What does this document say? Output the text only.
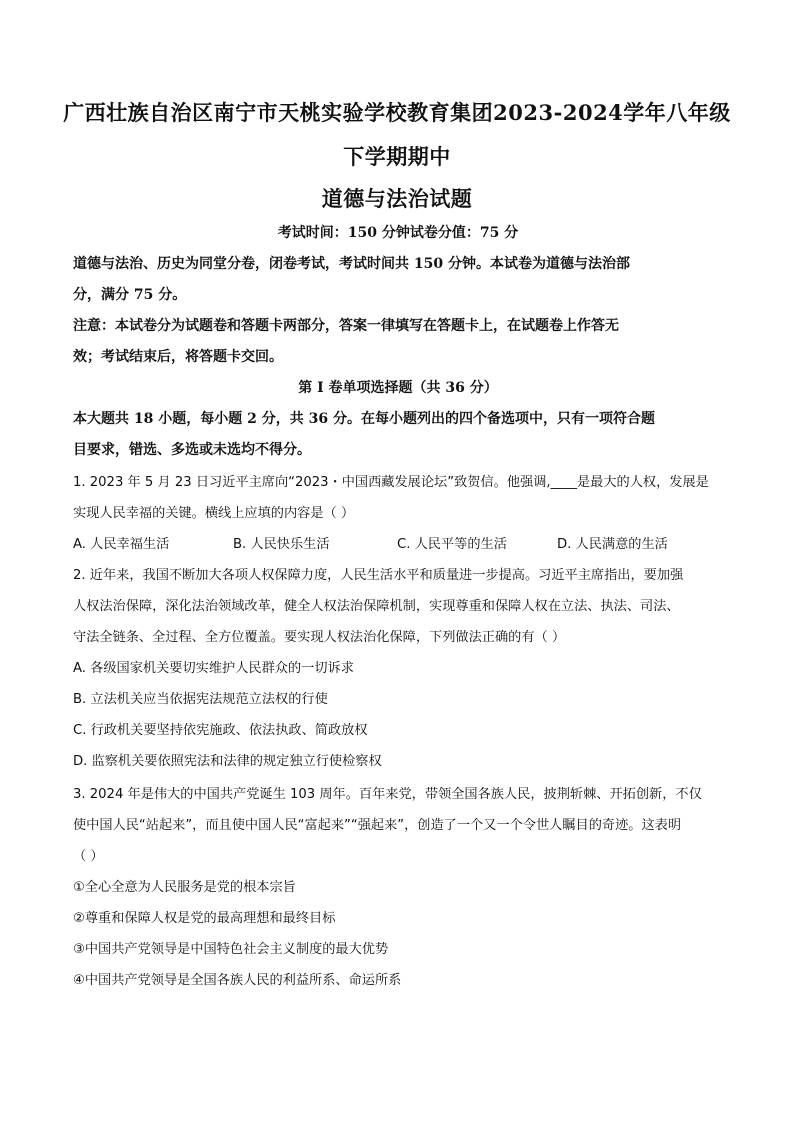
广西壮族自治区南宁市天桃实验学校教育集团2023-2024学年八年级
下学期期中
道德与法治试题
考试时间：150 分钟试卷分值：75 分
道德与法治、历史为同堂分卷，闭卷考试，考试时间共 150 分钟。本试卷为道德与法治部
分，满分 75 分。
注意：本试卷分为试题卷和答题卡两部分，答案一律填写在答题卡上，在试题卷上作答无
效；考试结束后，将答题卡交回。
第 I 卷单项选择题（共 36 分）
本大题共 18 小题，每小题 2 分，共 36 分。在每小题列出的四个备选项中，只有一项符合题
目要求，错选、多选或未选均不得分。
1. 2023 年 5 月 23 日习近平主席向“2023・中国西藏发展论坛”致贺信。他强调,____是最大的人权，发展是
实现人民幸福的关键。横线上应填的内容是（ ）
A. 人民幸福生活	B. 人民快乐生活	C. 人民平等的生活	D. 人民满意的生活
2. 近年来，我国不断加大各项人权保障力度，人民生活水平和质量进一步提高。习近平主席指出，要加强
人权法治保障，深化法治领域改革，健全人权法治保障机制，实现尊重和保障人权在立法、执法、司法、
守法全链条、全过程、全方位覆盖。要实现人权法治化保障，下列做法正确的有（ ）
A. 各级国家机关要切实维护人民群众的一切诉求
B. 立法机关应当依据宪法规范立法权的行使
C. 行政机关要坚持依宪施政、依法执政、简政放权
D. 监察机关要依照宪法和法律的规定独立行使检察权
3. 2024 年是伟大的中国共产党诞生 103 周年。百年来党，带领全国各族人民，披荆斩棘、开拓创新，不仅
使中国人民“站起来”，而且使中国人民“富起来”“强起来”，创造了一个又一个令世人瞩目的奇迹。这表明
（ ）
①全心全意为人民服务是党的根本宗旨
②尊重和保障人权是党的最高理想和最终目标
③中国共产党领导是中国特色社会主义制度的最大优势
④中国共产党领导是全国各族人民的利益所系、命运所系
